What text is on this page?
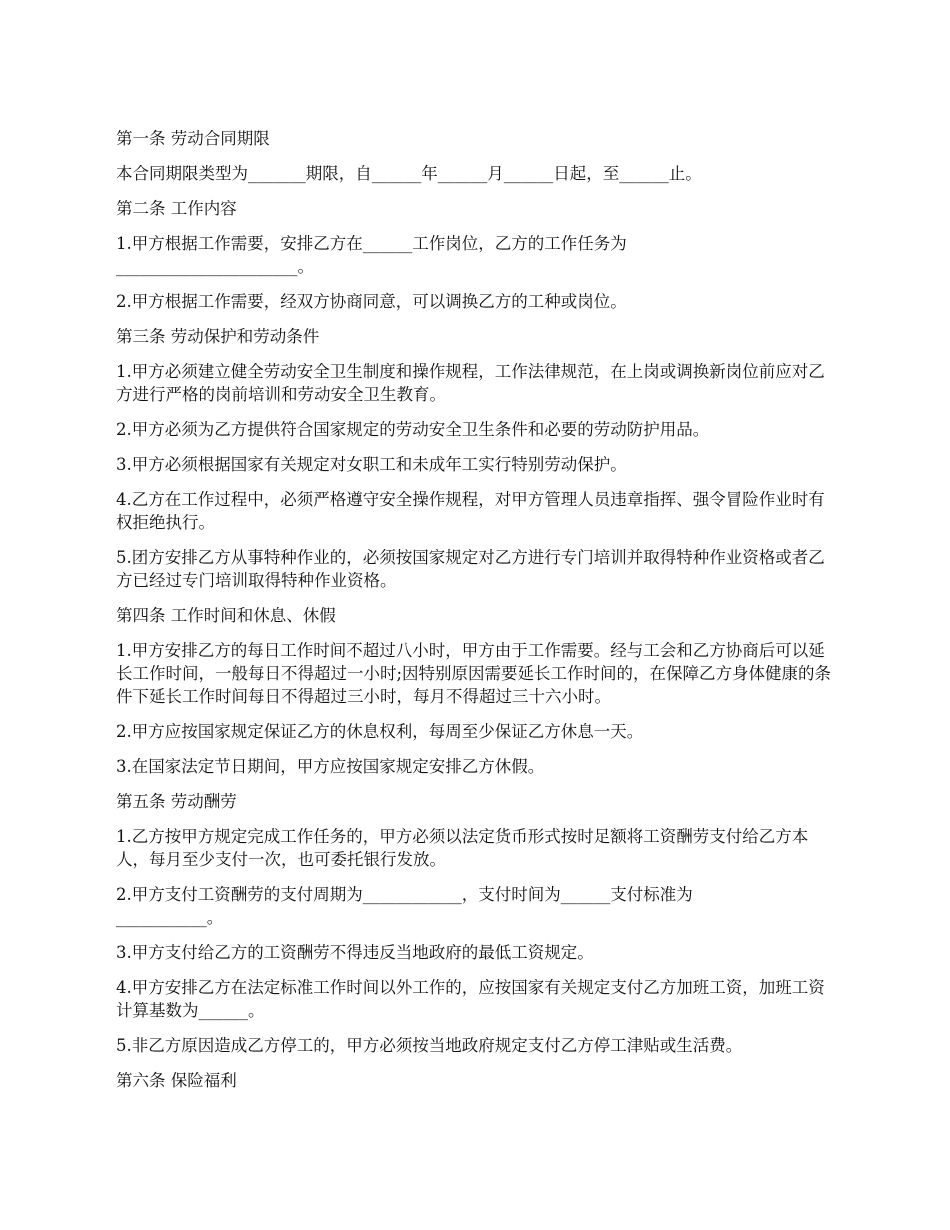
第一条 劳动合同期限

本合同期限类型为_______期限，自______年______月______日起，至______止。

第二条 工作内容

1.甲方根据工作需要，安排乙方在______工作岗位，乙方的工作任务为
______________________。

2.甲方根据工作需要，经双方协商同意，可以调换乙方的工种或岗位。

第三条 劳动保护和劳动条件

1.甲方必须建立健全劳动安全卫生制度和操作规程，工作法律规范，在上岗或调换新岗位前应对乙方进行严格的岗前培训和劳动安全卫生教育。

2.甲方必须为乙方提供符合国家规定的劳动安全卫生条件和必要的劳动防护用品。

3.甲方必须根据国家有关规定对女职工和未成年工实行特别劳动保护。

4.乙方在工作过程中，必须严格遵守安全操作规程，对甲方管理人员违章指挥、强令冒险作业时有权拒绝执行。

5.团方安排乙方从事特种作业的，必须按国家规定对乙方进行专门培训并取得特种作业资格或者乙方已经过专门培训取得特种作业资格。

第四条 工作时间和休息、休假

1.甲方安排乙方的每日工作时间不超过八小时，甲方由于工作需要。经与工会和乙方协商后可以延长工作时间，一般每日不得超过一小时;因特别原因需要延长工作时间的，在保障乙方身体健康的条件下延长工作时间每日不得超过三小时，每月不得超过三十六小时。

2.甲方应按国家规定保证乙方的休息权利，每周至少保证乙方休息一天。

3.在国家法定节日期间，甲方应按国家规定安排乙方休假。

第五条 劳动酬劳

1.乙方按甲方规定完成工作任务的，甲方必须以法定货币形式按时足额将工资酬劳支付给乙方本人，每月至少支付一次，也可委托银行发放。

2.甲方支付工资酬劳的支付周期为____________，支付时间为______支付标准为
___________。

3.甲方支付给乙方的工资酬劳不得违反当地政府的最低工资规定。

4.甲方安排乙方在法定标准工作时间以外工作的，应按国家有关规定支付乙方加班工资，加班工资计算基数为______。

5.非乙方原因造成乙方停工的，甲方必须按当地政府规定支付乙方停工津贴或生活费。

第六条 保险福利
